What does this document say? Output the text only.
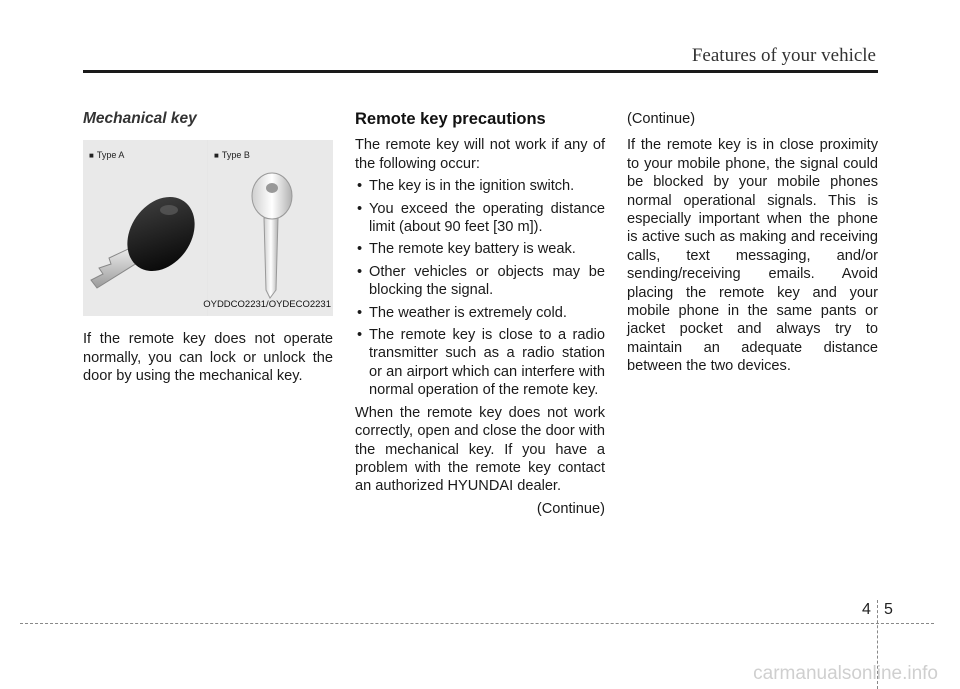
Features of your vehicle
Mechanical key
■ Type A	■ Type B
OYDDCO2231/OYDECO2231

If the remote key does not operate normally, you can lock or unlock the door by using the mechanical key.

Remote key precautions

The remote key will not work if any of the following occur:

• The key is in the ignition switch.
• You exceed the operating distance limit (about 90 feet [30 m]).
• The remote key battery is weak.
• Other vehicles or objects may be blocking the signal.
• The weather is extremely cold.
• The remote key is close to a radio transmitter such as a radio station or an airport which can interfere with normal operation of the remote key.

When the remote key does not work correctly, open and close the door with the mechanical key. If you have a problem with the remote key contact an authorized HYUNDAI dealer.

(Continue)

(Continue)

If the remote key is in close proximity to your mobile phone, the signal could be blocked by your mobile phones normal operational signals. This is especially important when the phone is active such as making and receiving calls, text messaging, and/or sending/receiving emails. Avoid placing the remote key and your mobile phone in the same pants or jacket pocket and always try to maintain an adequate distance between the two devices.

4 5
carmanualsonline.info
